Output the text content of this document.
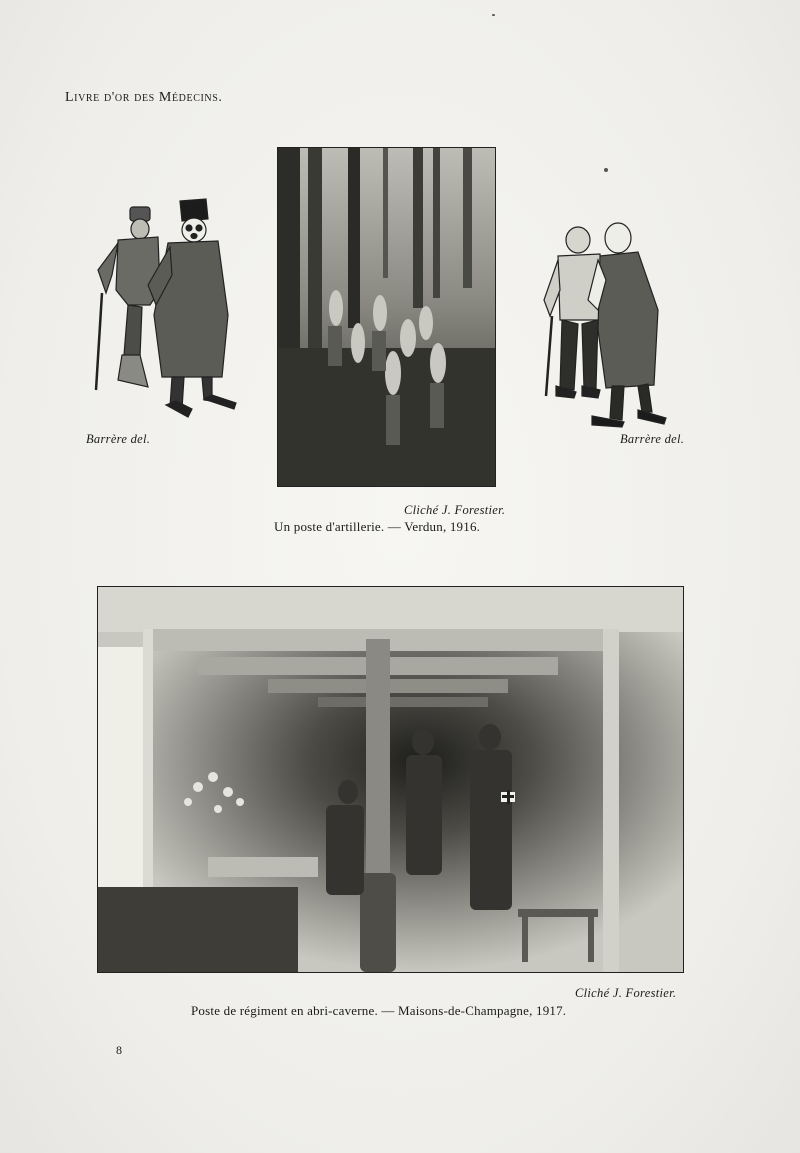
Livre d'or des Médecins.
Barrère del.
Cliché J. Forestier.
Un poste d'artillerie. — Verdun, 1916.
Barrère del.
Cliché J. Forestier.
Poste de régiment en abri-caverne. — Maisons-de-Champagne, 1917.
8
